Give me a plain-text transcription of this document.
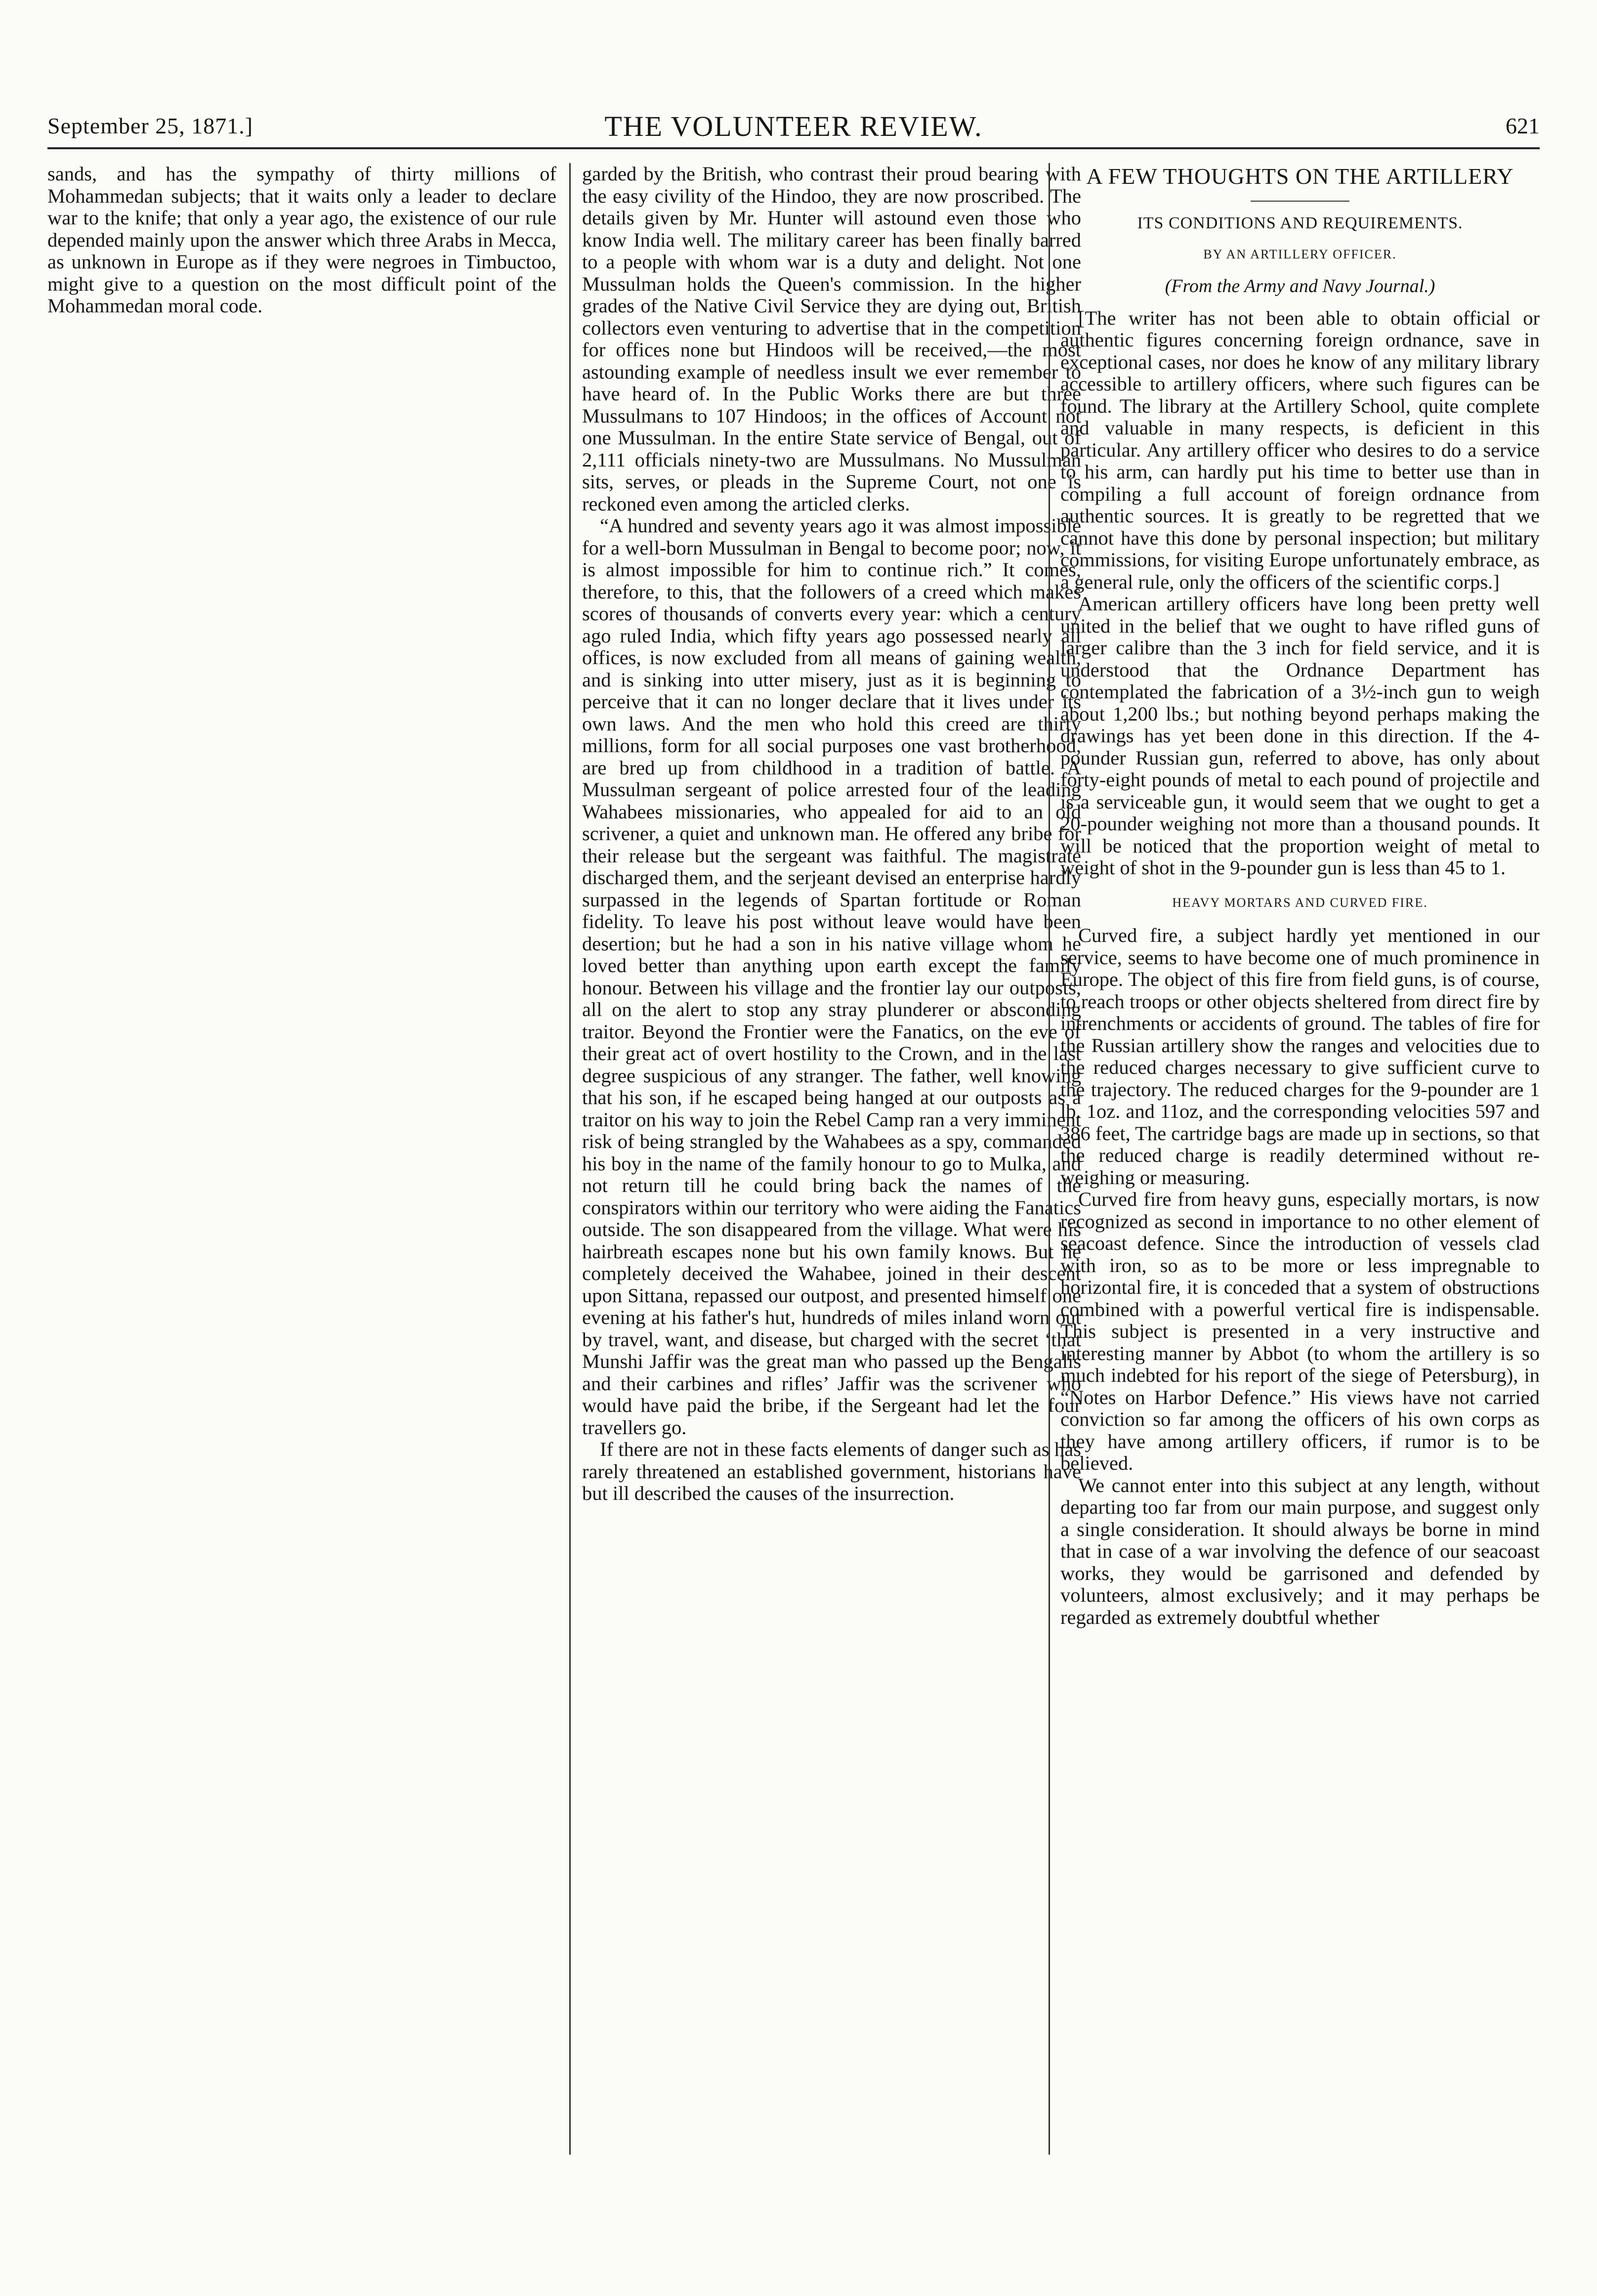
September 25, 1871.]	THE VOLUNTEER REVIEW.	621

sands, and has the sympathy of thirty millions of Mohammedan subjects; that it waits only a leader to declare war to the knife; that only a year ago, the existence of our rule depended mainly upon the answer which three Arabs in Mecca, as unknown in Europe as if they were negroes in Timbuctoo, might give to a question on the most difficult point of the Mohammedan moral code.

garded by the British, who contrast their proud bearing with the easy civility of the Hindoo, they are now proscribed. The details given by Mr. Hunter will astound even those who know India well. The military career has been finally barred to a people with whom war is a duty and delight. Not one Mussulman holds the Queen's commission. In the higher grades of the Native Civil Service they are dying out, British collectors even venturing to advertise that in the competition for offices none but Hindoos will be received,—the most astounding example of needless insult we ever remember to have heard of. In the Public Works there are but three Mussulmans to 107 Hindoos; in the offices of Account not one Mussulman. In the entire State service of Bengal, out of 2,111 officials ninety-two are Mussulmans. No Mussulman sits, serves, or pleads in the Supreme Court, not one is reckoned even among the articled clerks.

“A hundred and seventy years ago it was almost impossible for a well-born Mussulman in Bengal to become poor; now, it is almost impossible for him to continue rich.” It comes, therefore, to this, that the followers of a creed which makes scores of thousands of converts every year: which a century ago ruled India, which fifty years ago possessed nearly all offices, is now excluded from all means of gaining wealth, and is sinking into utter misery, just as it is beginning to perceive that it can no longer declare that it lives under its own laws. And the men who hold this creed are thirty millions, form for all social purposes one vast brotherhood, are bred up from childhood in a tradition of battle. A Mussulman sergeant of police arrested four of the leading Wahabees missionaries, who appealed for aid to an old scrivener, a quiet and unknown man. He offered any bribe for their release but the sergeant was faithful. The magistrate discharged them, and the serjeant devised an enterprise hardly surpassed in the legends of Spartan fortitude or Roman fidelity. To leave his post without leave would have been desertion; but he had a son in his native village whom he loved better than anything upon earth except the family honour. Between his village and the frontier lay our outposts, all on the alert to stop any stray plunderer or absconding traitor. Beyond the Frontier were the Fanatics, on the eve of their great act of overt hostility to the Crown, and in the last degree suspicious of any stranger. The father, well knowing that his son, if he escaped being hanged at our outposts as a traitor on his way to join the Rebel Camp ran a very imminent risk of being strangled by the Wahabees as a spy, commanded his boy in the name of the family honour to go to Mulka, and not return till he could bring back the names of the conspirators within our territory who were aiding the Fanatics outside. The son disappeared from the village. What were his hairbreath escapes none but his own family knows. But he completely deceived the Wahabee, joined in their descent upon Sittana, repassed our outpost, and presented himself one evening at his father's hut, hundreds of miles inland worn out by travel, want, and disease, but charged with the secret ‘that Munshi Jaffir was the great man who passed up the Bengalis and their carbines and rifles’ Jaffir was the scrivener who would have paid the bribe, if the Sergeant had let the four travellers go.

If there are not in these facts elements of danger such as has rarely threatened an established government, historians have but ill described the causes of the insurrection.

A FEW THOUGHTS ON THE ARTILLERY
ITS CONDITIONS AND REQUIREMENTS.
BY AN ARTILLERY OFFICER.
(From the Army and Navy Journal.)

[The writer has not been able to obtain official or authentic figures concerning foreign ordnance, save in exceptional cases, nor does he know of any military library accessible to artillery officers, where such figures can be found. The library at the Artillery School, quite complete and valuable in many respects, is deficient in this particular. Any artillery officer who desires to do a service to his arm, can hardly put his time to better use than in compiling a full account of foreign ordnance from authentic sources. It is greatly to be regretted that we cannot have this done by personal inspection; but military commissions, for visiting Europe unfortunately embrace, as a general rule, only the officers of the scientific corps.]

American artillery officers have long been pretty well united in the belief that we ought to have rifled guns of larger calibre than the 3 inch for field service, and it is understood that the Ordnance Department has contemplated the fabrication of a 3½-inch gun to weigh about 1,200 lbs.; but nothing beyond perhaps making the drawings has yet been done in this direction. If the 4-pounder Russian gun, referred to above, has only about forty-eight pounds of metal to each pound of projectile and is a serviceable gun, it would seem that we ought to get a 20-pounder weighing not more than a thousand pounds. It will be noticed that the proportion weight of metal to weight of shot in the 9-pounder gun is less than 45 to 1.

HEAVY MORTARS AND CURVED FIRE.

Curved fire, a subject hardly yet mentioned in our service, seems to have become one of much prominence in Europe. The object of this fire from field guns, is of course, to reach troops or other objects sheltered from direct fire by intrenchments or accidents of ground. The tables of fire for the Russian artillery show the ranges and velocities due to the reduced charges necessary to give sufficient curve to the trajectory. The reduced charges for the 9-pounder are 1 lb. 1oz. and 11oz, and the corresponding velocities 597 and 386 feet, The cartridge bags are made up in sections, so that the reduced charge is readily determined without re-weighing or measuring.

Curved fire from heavy guns, especially mortars, is now recognized as second in importance to no other element of seacoast defence. Since the introduction of vessels clad with iron, so as to be more or less impregnable to horizontal fire, it is conceded that a system of obstructions combined with a powerful vertical fire is indispensable. This subject is presented in a very instructive and interesting manner by Abbot (to whom the artillery is so much indebted for his report of the siege of Petersburg), in “Notes on Harbor Defence.” His views have not carried conviction so far among the officers of his own corps as they have among artillery officers, if rumor is to be believed.

We cannot enter into this subject at any length, without departing too far from our main purpose, and suggest only a single consideration. It should always be borne in mind that in case of a war involving the defence of our seacoast works, they would be garrisoned and defended by volunteers, almost exclusively; and it may perhaps be regarded as extremely doubtful whether
